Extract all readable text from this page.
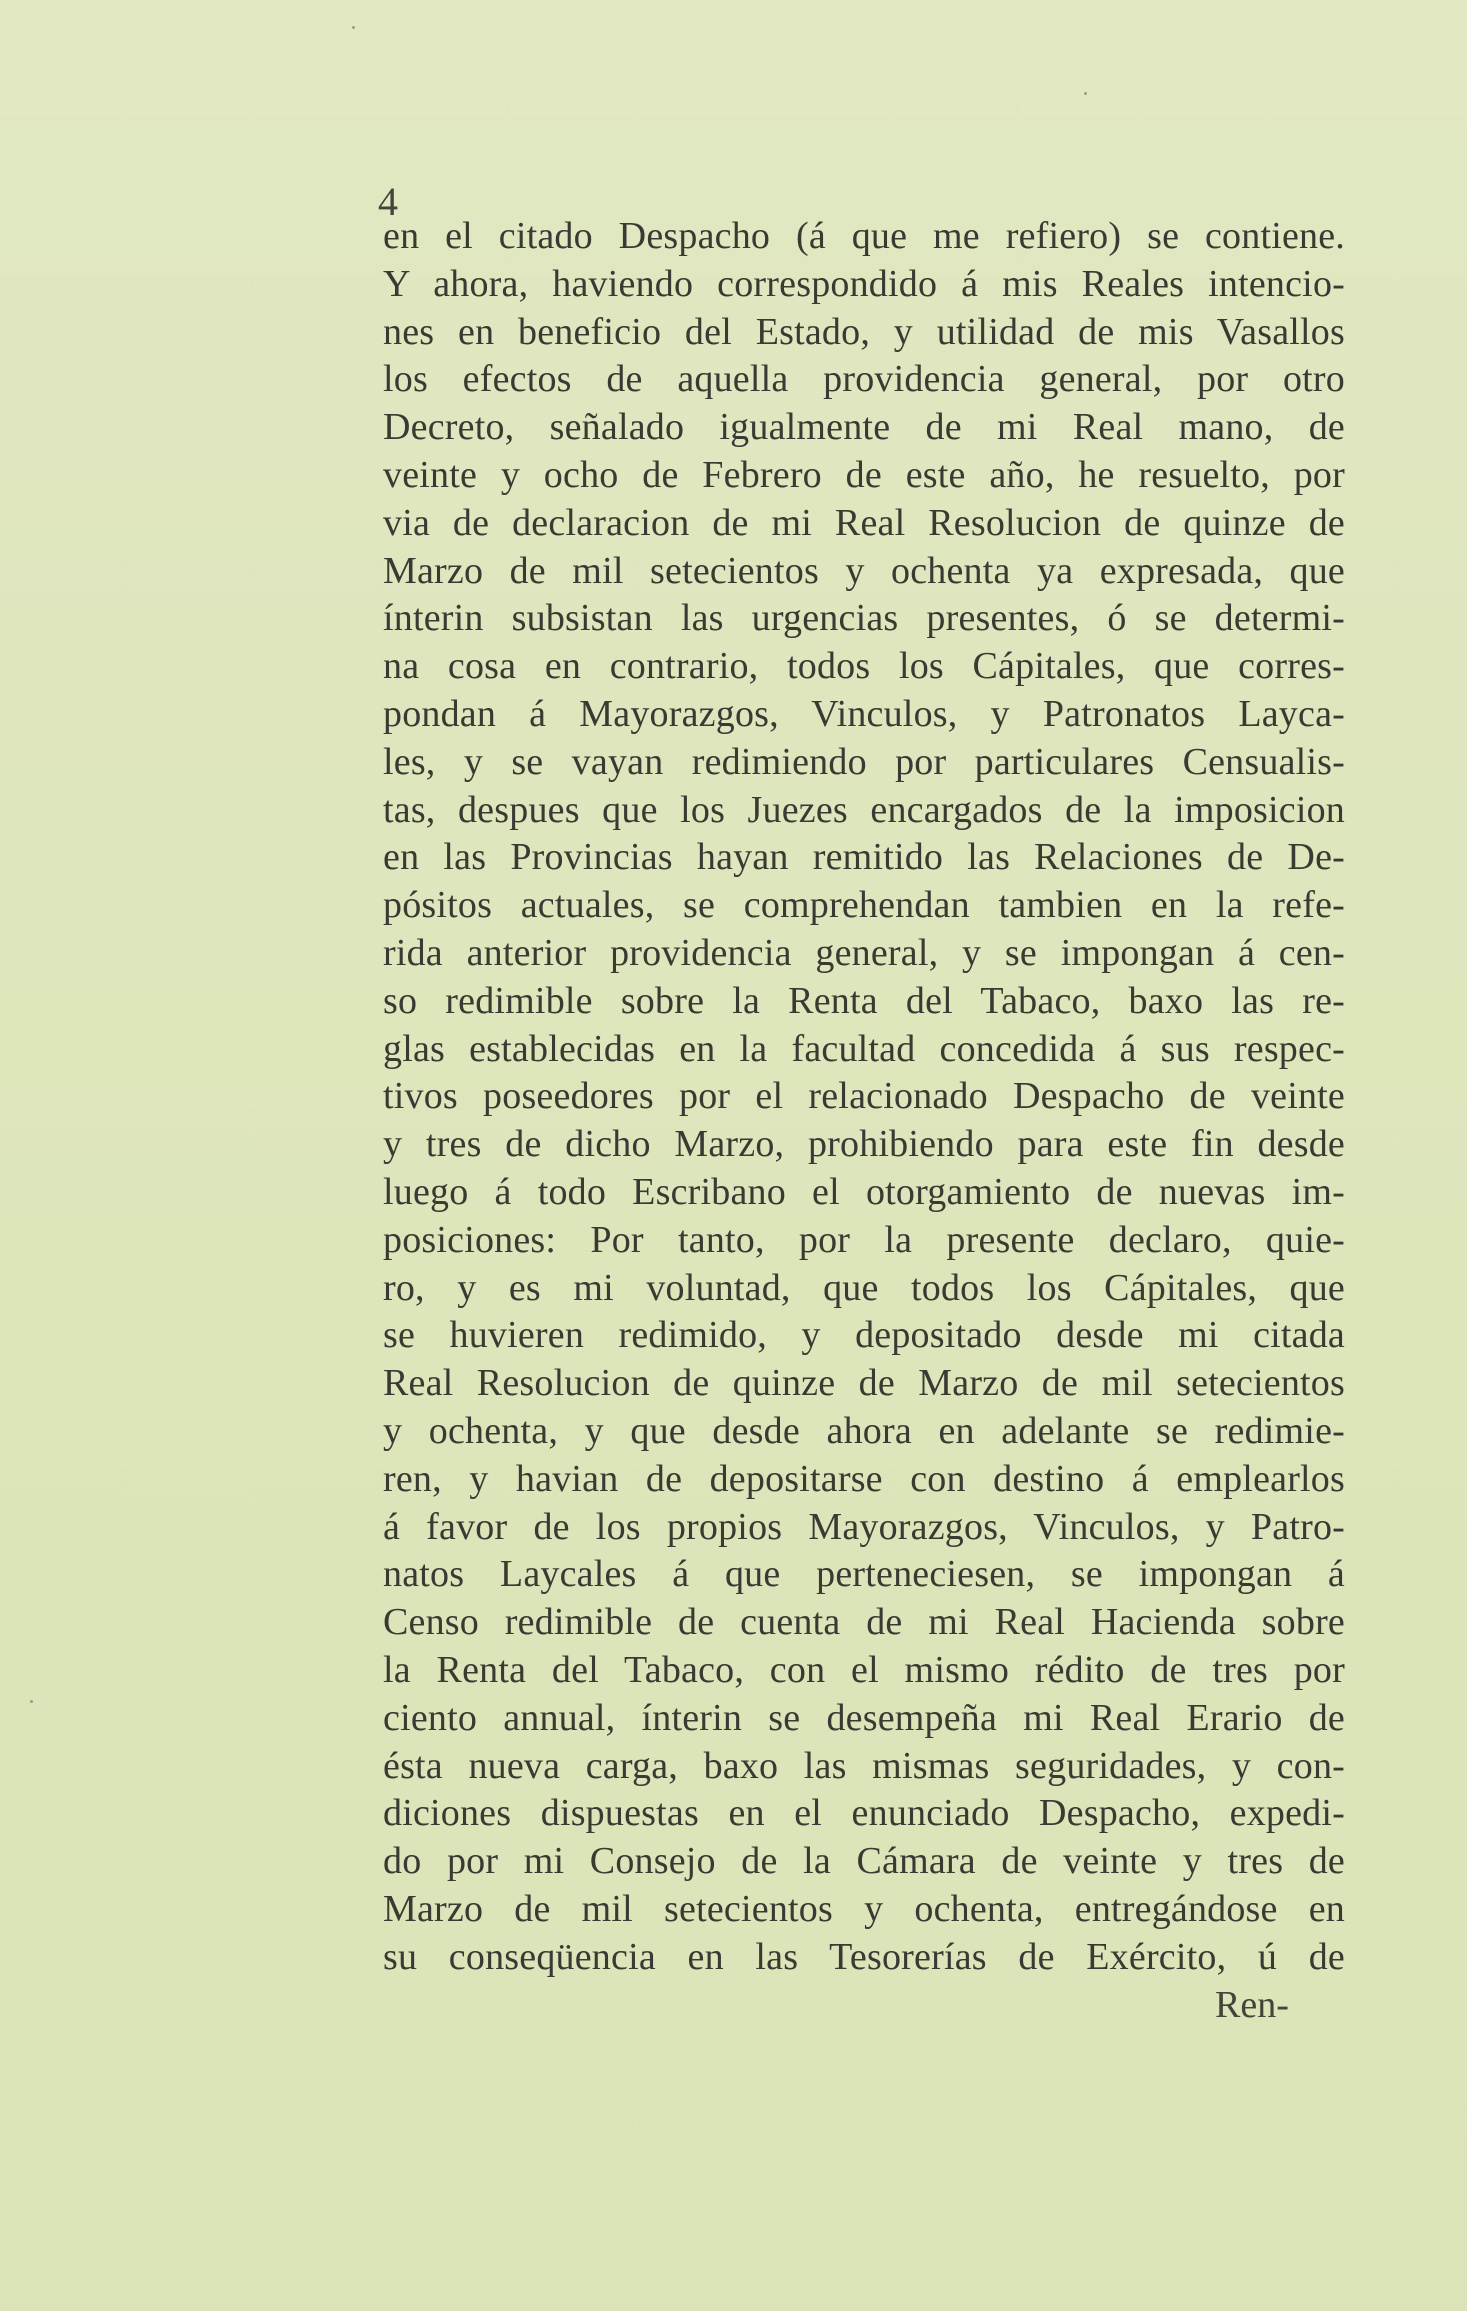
4
en el citado Despacho (á que me refiero) se contiene.
Y ahora, haviendo correspondido á mis Reales intencio-
nes en beneficio del Estado, y utilidad de mis Vasallos
los efectos de aquella providencia general, por otro
Decreto, señalado igualmente de mi Real mano, de
veinte y ocho de Febrero de este año, he resuelto, por
via de declaracion de mi Real Resolucion de quinze de
Marzo de mil setecientos y ochenta ya expresada, que
ínterin subsistan las urgencias presentes, ó se determi-
na cosa en contrario, todos los Cápitales, que corres-
pondan á Mayorazgos, Vinculos, y Patronatos Layca-
les, y se vayan redimiendo por particulares Censualis-
tas, despues que los Juezes encargados de la imposicion
en las Provincias hayan remitido las Relaciones de De-
pósitos actuales, se comprehendan tambien en la refe-
rida anterior providencia general, y se impongan á cen-
so redimible sobre la Renta del Tabaco, baxo las re-
glas establecidas en la facultad concedida á sus respec-
tivos poseedores por el relacionado Despacho de veinte
y tres de dicho Marzo, prohibiendo para este fin desde
luego á todo Escribano el otorgamiento de nuevas im-
posiciones: Por tanto, por la presente declaro, quie-
ro, y es mi voluntad, que todos los Cápitales, que
se huvieren redimido, y depositado desde mi citada
Real Resolucion de quinze de Marzo de mil setecientos
y ochenta, y que desde ahora en adelante se redimie-
ren, y havian de depositarse con destino á emplearlos
á favor de los propios Mayorazgos, Vinculos, y Patro-
natos Laycales á que perteneciesen, se impongan á
Censo redimible de cuenta de mi Real Hacienda sobre
la Renta del Tabaco, con el mismo rédito de tres por
ciento annual, ínterin se desempeña mi Real Erario de
ésta nueva carga, baxo las mismas seguridades, y con-
diciones dispuestas en el enunciado Despacho, expedi-
do por mi Consejo de la Cámara de veinte y tres de
Marzo de mil setecientos y ochenta, entregándose en
su conseqüencia en las Tesorerías de Exército, ú de
Ren-
